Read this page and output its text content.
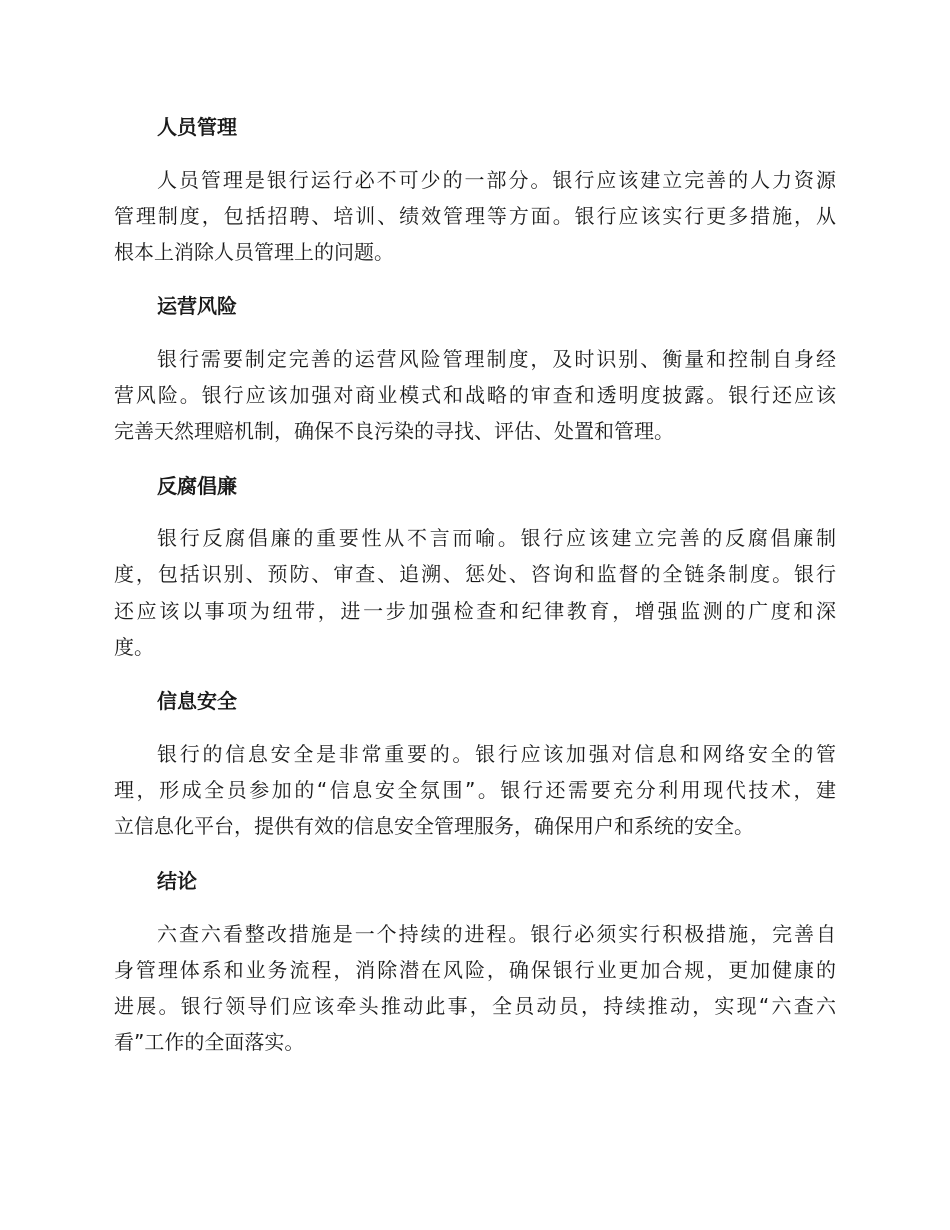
人员管理
人员管理是银行运行必不可少的一部分。银行应该建立完善的人力资源
管理制度，包括招聘、培训、绩效管理等方面。银行应该实行更多措施，从
根本上消除人员管理上的问题。
运营风险
银行需要制定完善的运营风险管理制度，及时识别、衡量和控制自身经
营风险。银行应该加强对商业模式和战略的审查和透明度披露。银行还应该
完善天然理赔机制，确保不良污染的寻找、评估、处置和管理。
反腐倡廉
银行反腐倡廉的重要性从不言而喻。银行应该建立完善的反腐倡廉制
度，包括识别、预防、审查、追溯、惩处、咨询和监督的全链条制度。银行
还应该以事项为纽带，进一步加强检查和纪律教育，增强监测的广度和深
度。
信息安全
银行的信息安全是非常重要的。银行应该加强对信息和网络安全的管
理，形成全员参加的“信息安全氛围”。银行还需要充分利用现代技术，建
立信息化平台，提供有效的信息安全管理服务，确保用户和系统的安全。
结论
六查六看整改措施是一个持续的进程。银行必须实行积极措施，完善自
身管理体系和业务流程，消除潜在风险，确保银行业更加合规，更加健康的
进展。银行领导们应该牵头推动此事，全员动员，持续推动，实现“六查六
看”工作的全面落实。
